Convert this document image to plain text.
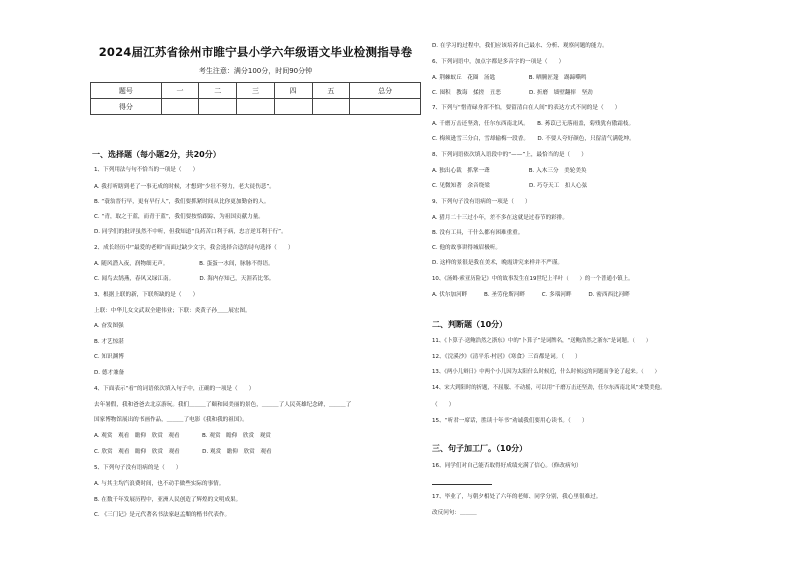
2024届江苏省徐州市睢宁县小学六年级语文毕业检测指导卷
考生注意：满分100分，时间90分钟
题号	一	二	三	四	五	总分
得分						
一、选择题（每小题2分，共20分）
1、下列用法与句不恰当的一项是（　　）
A. 我打听瞎到老了一事无成的时候，才想到“少壮不努力，老大徒伤悲”。
B. “蓑翁晋行早，更有早行人”，我们要抓紧时间从比你更加勤奋的人。
C. “青，取之于蓝，而青于蓝”，我们要按恰跟踪，为祖国贡献力量。
D. 同学们的批评虽然不中听，但我知道“良药苦口利于病，忠言逆耳利于行”。
2、成长经历中“最爱的老师”而面过缺少文字，我会选择合适的诗句选择（　　）
A. 随风潜入夜，润物细无声。　　　　　　B. 蛋蛋一水间，脉脉不得语。
C. 闻鸟去鹄燕，春风又绿江南。　　　　　D. 海内存知己，天涯若比邻。
3、根据上联的新，下联所缺的是（　　）
上联：中华儿女文武双全建伟业；下联：炎黄子孙＿＿展宏图。
A. 奋发图强
B. 才艺惊湛
C. 知识渊博
D. 德才兼备
4、下面表示“看”的词语依次填入句子中，正确的一项是（　　）
去年暑假，我和爸爸去北京游玩。我们＿＿＿了颐和园美丽的景色，＿＿＿了人民英雄纪念碑，＿＿＿了
国家博物馆展出的书画作品，＿＿＿了电影《我和我的祖国》。
A. 观赏　观看　瞻仰　欣赏　观看　　　　B. 观赏　瞻仰　欣赏　观赏
C. 欣赏　观看　瞻仰　欣赏　观看　　　　D. 观赏　瞻仰　欣赏　观看
5、下列句子没有语病的是（　　）
A. 与其主均汽浪费时间，也不动手做些实际的事情。
B. 在数千年发展历程中，亚洲人民创造了辉煌的文明成果。
C. 《三门记》是元代著名书法家赵孟頫的楷书代表作。
D. 在学习的过程中，我们应该培养自己最水、分析、观察问题的能力。
6、下列词语中，加点字都是多音字的一项是（　　）
A. 荆棘蚁丘　花圈　汤匙　　　　　　B. 晒腾匠篷　踢蹄嘶鸣
C. 囤积　教诲　揉搓　丑恶　　　　　D. 折磨　墙壁翻摔　坚劲
7、下列与“惜青碌身浑不怕，要留清白在人间”的表达方式不同的是（　　）
A. 千磨万击还坚劲，任尔东西南北风。　　B. 莠苡已无落雨盖，菊残犹有傲霜枝。
C. 梅须逊雪三分白，雪却输梅一段香。　　D. 不要人夸好颜色，只留清气满乾坤。
8、下列词语依次填入语段中的“——”上，最恰当的是（　　）
A. 独出心裁　抓掌一聋　　　　　　　B. 入木三分　美轮美奂
C. 见微知著　余音绕梁　　　　　　　D. 巧夺天工　扣人心弦
9、下列句子没有语病的一项是（　　）
A. 猎月二十三过小年，差不多在这就是过春节的彩排。
B. 没有工具，干什么都有困难重重。
C. 他的故事讲得城眉极听。
D. 这样的景很是我在美术，晚霞讲究来样并不严谨。
10、《汤姆·索亚历险记》中的故事发生在19世纪上半叶（　　）的一个普通小镇上。
A. 伏尔加河畔　　　B. 圣劳伦斯河畔　　　C. 多瑙河畔　　　D. 密西西比河畔
二、判断题（10分）
11、《卜算子·送鲍浩然之浙东》中的“卜算子”是词牌名，“送鲍浩然之浙东”是词题。（　　）
12、《浣溪沙》《清平乐·村居》《寒食》三首都是词。（　　）
13、《两小儿辩日》中两个小儿因为太阳什么时候近，什么时候远的问题而争论了起来。（　　）
14、宋大到阳时的折题，不屈服、不动摇，可以用“千磨万击还坚劲，任尔东西南北风”来赞美他。
（　　）
15、“听君一席话，胜读十年书”劝诚我们要用心读书。（　　）
三、句子加工厂。（10分）
16、同学们对自己能否取得好成绩充满了信心。（修改病句）
17、毕业了，与朝夕相处了六年的老师、同学分别，我心里很难过。
改反问句：＿＿＿
